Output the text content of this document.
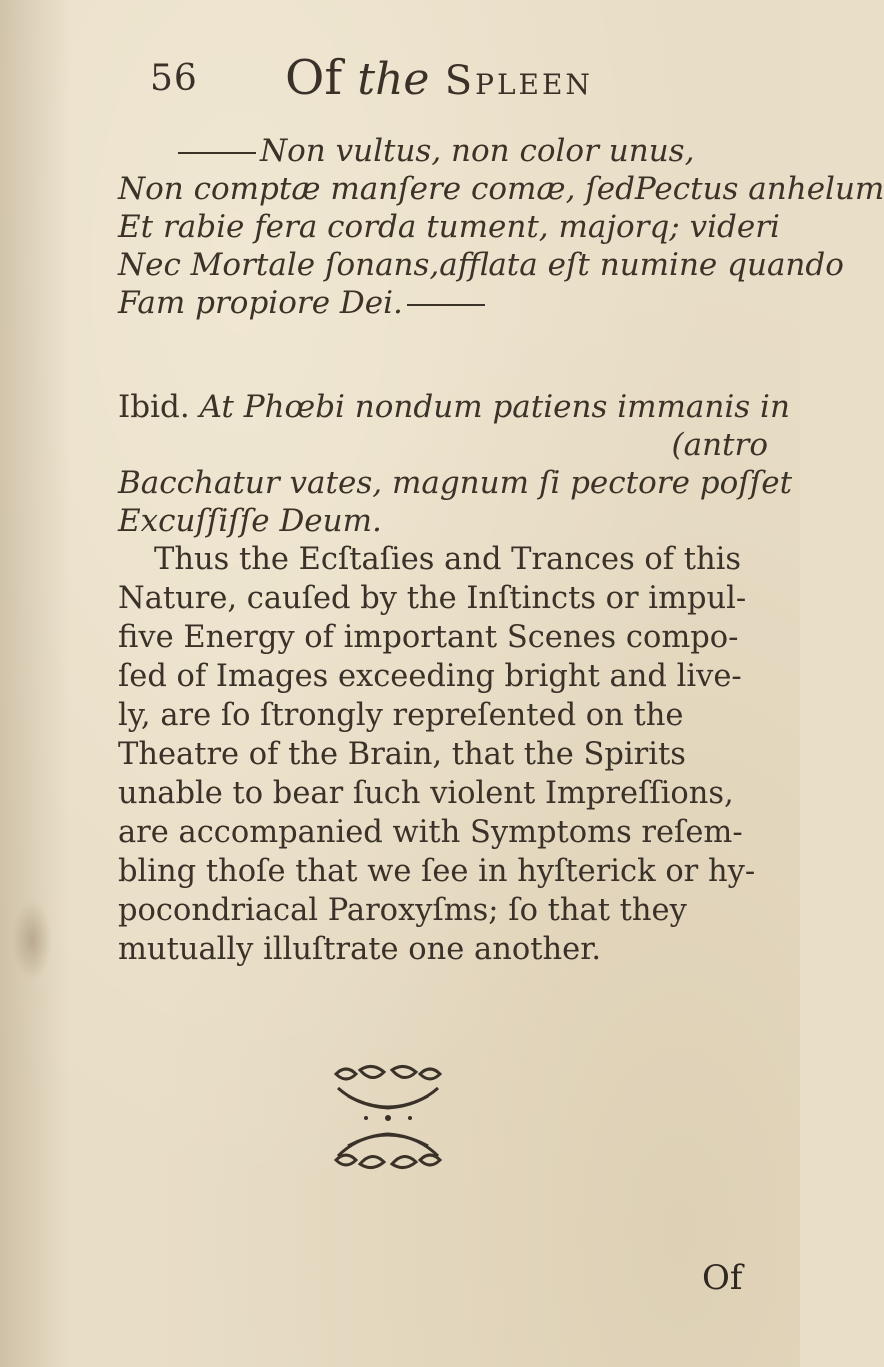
56 Of the Spleen
Non vultus, non color unus,
Non comptæ manſere comæ, ſedPectus anhelum
Et rabie fera corda tument, majorq; videri
Nec Mortale ſonans,afflata eſt numine quando
Fam propiore Dei.
Ibid. At Phœbi nondum patiens immanis in
(antro
Bacchatur vates, magnum ſi pectore poſſet
Excuſſiſſe Deum.
Thus the Ecſtaſies and Trances of this
Nature, cauſed by the Inſtincts or impul-
five Energy of important Scenes compo-
ſed of Images exceeding bright and live-
ly, are ſo ſtrongly repreſented on the
Theatre of the Brain, that the Spirits
unable to bear ſuch violent Impreſſions,
are accompanied with Symptoms reſem-
bling thoſe that we ſee in hyſterick or hy-
pocondriacal Paroxyſms; ſo that they
mutually illuſtrate one another.
Of
